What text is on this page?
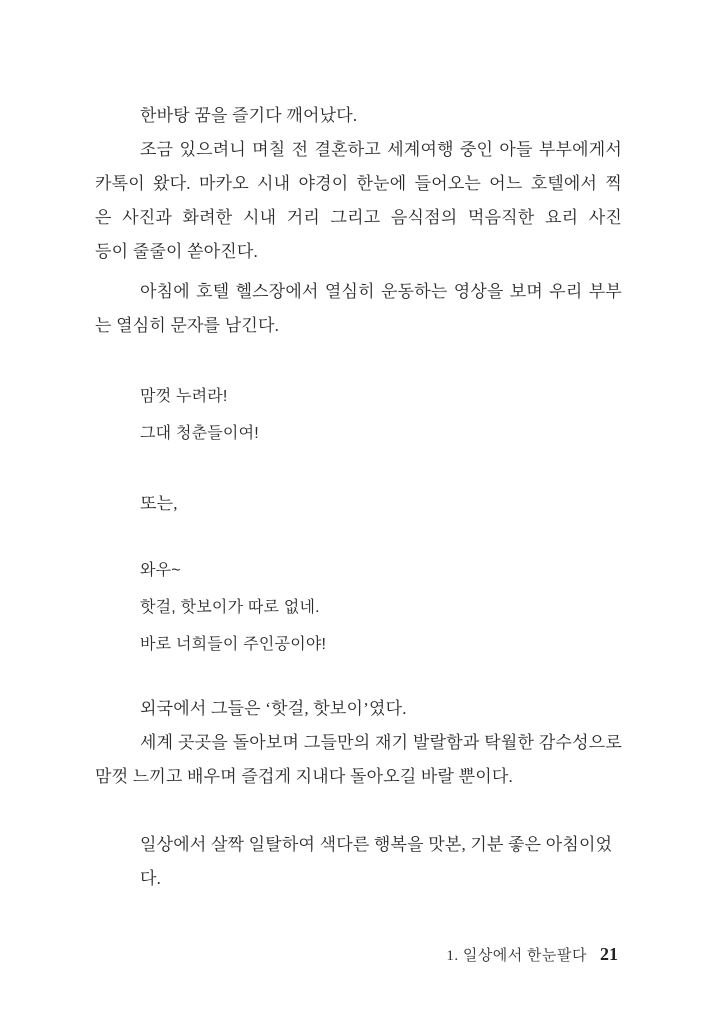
한바탕 꿈을 즐기다 깨어났다.
조금 있으려니 며칠 전 결혼하고 세계여행 중인 아들 부부에게서
카톡이 왔다. 마카오 시내 야경이 한눈에 들어오는 어느 호텔에서 찍
은 사진과 화려한 시내 거리 그리고 음식점의 먹음직한 요리 사진
등이 줄줄이 쏟아진다.
아침에 호텔 헬스장에서 열심히 운동하는 영상을 보며 우리 부부
는 열심히 문자를 남긴다.
맘껏 누려라!
그대 청춘들이여!
또는,
와우~
핫걸, 핫보이가 따로 없네.
바로 너희들이 주인공이야!
외국에서 그들은 ‘핫걸, 핫보이’였다.
세계 곳곳을 돌아보며 그들만의 재기 발랄함과 탁월한 감수성으로
맘껏 느끼고 배우며 즐겁게 지내다 돌아오길 바랄 뿐이다.
일상에서 살짝 일탈하여 색다른 행복을 맛본, 기분 좋은 아침이었다.
1. 일상에서 한눈팔다 21
